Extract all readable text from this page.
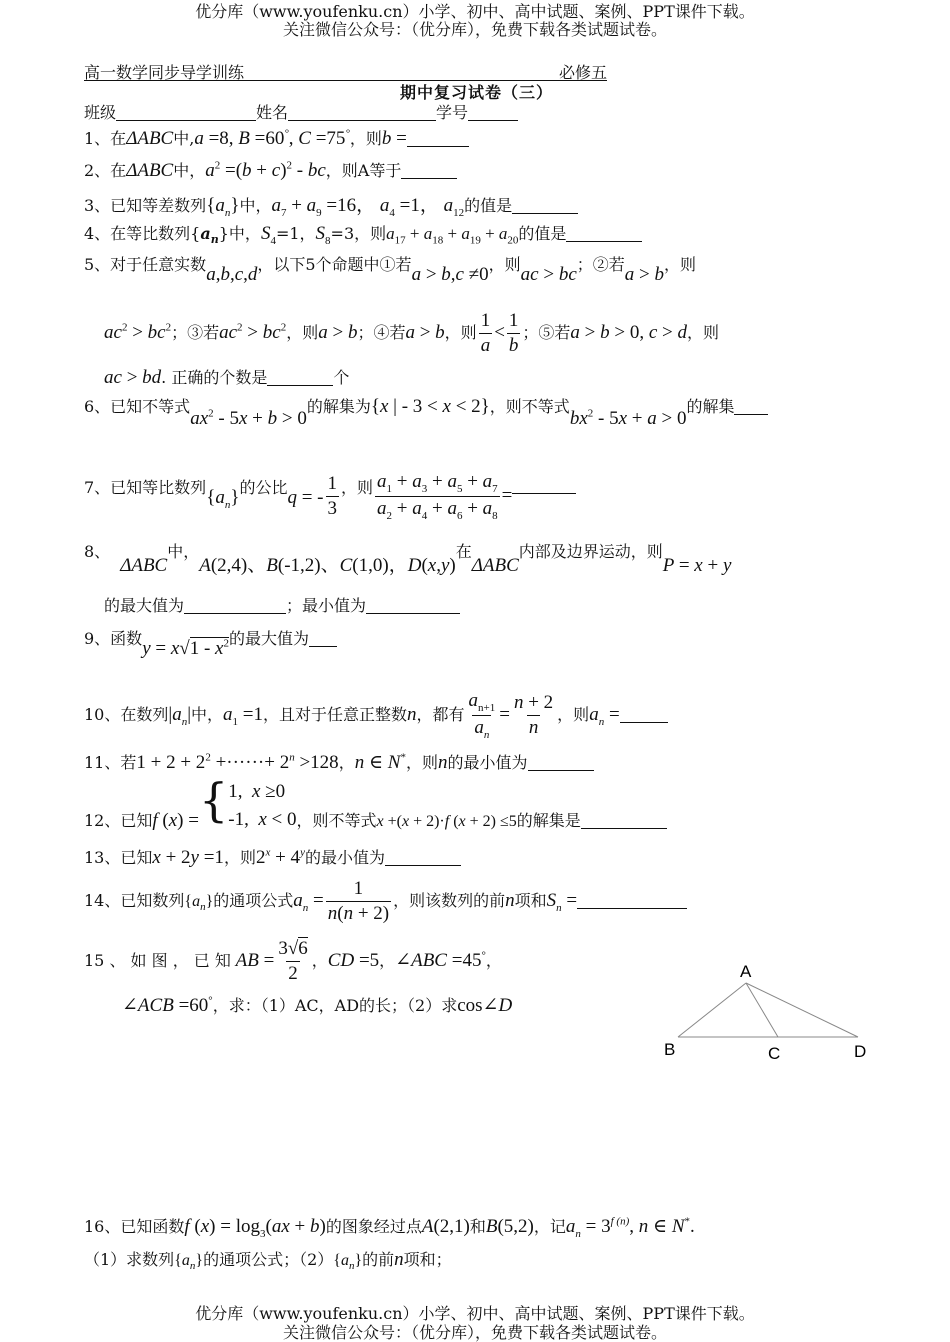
优分库（www.youfenku.cn）小学、初中、高中试题、案例、PPT课件下载。
关注微信公众号：（优分库），免费下载各类试题试卷。
高一数学同步导学训练	必修五
期中复习试卷（三）
班级	姓名	学号
1、在ΔABC中,a =8, B =60°, C =75°，则b =
2、在ΔABC中，$a^2 =(b + c)^2$ - bc，则A等于
3、已知等差数列$\{a_n\}$中，$a_7 + a_9 =16$， $a_4 =1$， $a_{12}$的值是
4、在等比数列$\{a_n\}$中，$S_4=1$，$S_8=3$，则$a_{17} + a_{18} + a_{19} + a_{20}$的值是
5、对于任意实数a,b,c,d，以下5个命题中①若a > b,c ≠0，则ac > bc；②若a > b，则
$ac^2 > bc^2$；③若$ac^2 > bc^2$，则a > b；④若a > b，则 $\frac{1}{a} < \frac{1}{b}$ ；⑤若a > b > 0, c > d，则
ac > bd. 正确的个数是	个
6、已知不等式$ax^2 - 5x + b > 0$的解集为{x | - 3 < x < 2}，则不等式$bx^2 - 5x + a > 0$的解集
7、已知等比数列$\{a_n\}$的公比q = - $\frac{1}{3}$ ，则 $\frac{a_1 + a_3 + a_5 + a_7}{a_2 + a_4 + a_6 + a_8}$ =
8、ΔABC中，A(2,4)、B(-1,2)、C(1,0)，D(x,y)在ΔABC内部及边界运动，则P = x + y
的最大值为	；最小值为
9、函数$y = x√1 - x^2$的最大值为
10、在数列$|a_n|$中，$a_1 =1$，且对于任意正整数n，都有 $\frac{a_{n+1}}{a_n} = \frac{n + 2}{n}$ ，则$a_n$ =
11、若$1 + 2 + 2^2$ +······+ $2^n >128$，n ∈ N*，则n的最小值为
12、已知f (x) ={ 1,  x ≥0
-1,  x < 0 ，则不等式x +(x + 2)·f (x + 2) ≤5的解集是
13、已知x + 2y =1，则$2^x + 4^y$的最小值为
14、已知数列$\{a_n\}$的通项公式$a_n = \frac{1}{n(n + 2)}$ ，则该数列的前n项和$S_n$ =
15 、 如 图 ， 已 知 AB = $\frac{3√6}{2}$ ，CD =5，∠ABC =45°，
∠ACB =60°，求：（1）AC，AD的长；（2）求cos∠D
A
B	C	D
16、已知函数f $(x) = \log_3(ax + b)$的图象经过点A(2,1)和B(5,2)，记$a_n = 3^{f (n)}$, n ∈ N*.
（1）求数列$\{a_n\}$的通项公式；$(2)\{a_n\}$的前n项和；
优分库（www.youfenku.cn）小学、初中、高中试题、案例、PPT课件下载。
关注微信公众号：（优分库），免费下载各类试题试卷。
